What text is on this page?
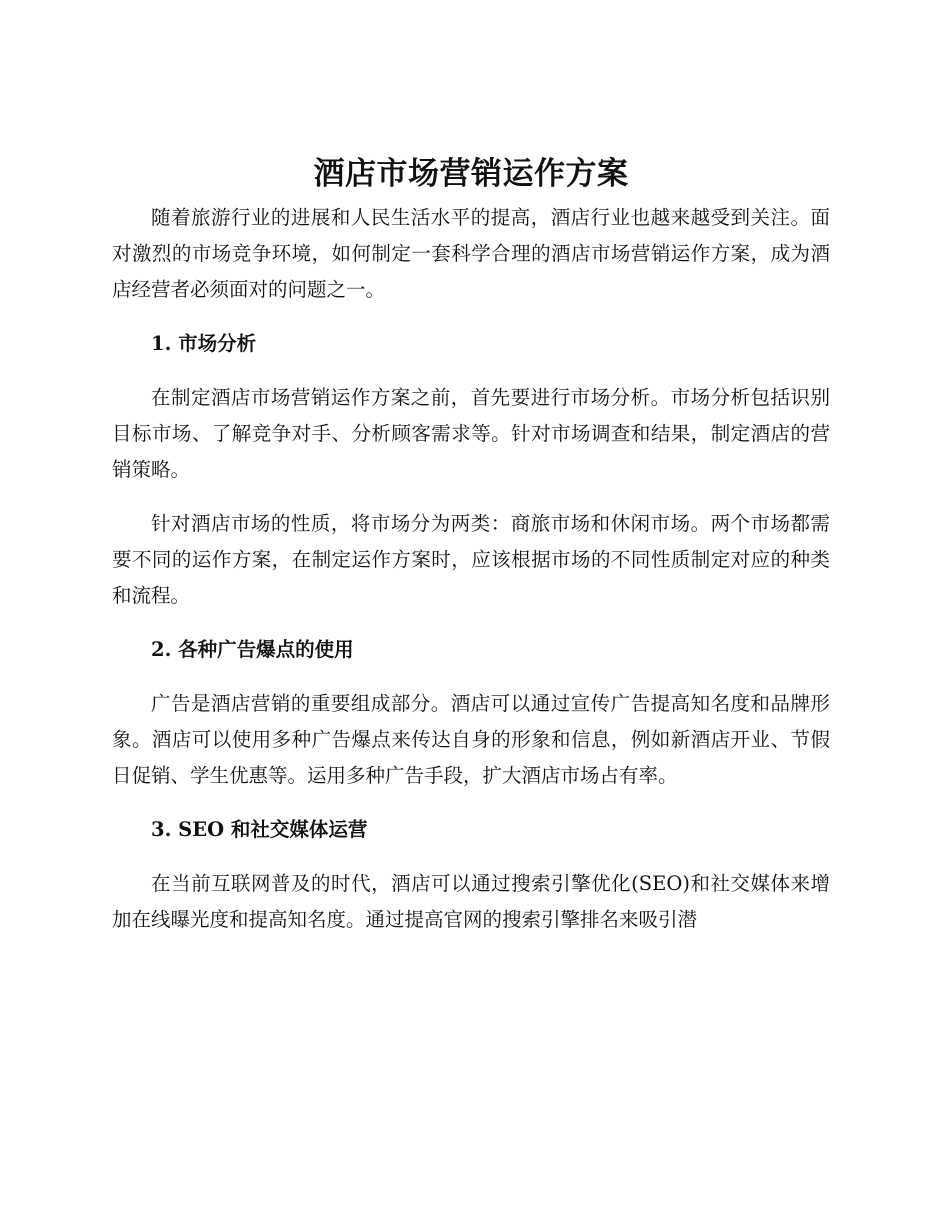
酒店市场营销运作方案

随着旅游行业的进展和人民生活水平的提高，酒店行业也越来越受到关注。面对激烈的市场竞争环境，如何制定一套科学合理的酒店市场营销运作方案，成为酒店经营者必须面对的问题之一。

1. 市场分析

在制定酒店市场营销运作方案之前，首先要进行市场分析。市场分析包括识别目标市场、了解竞争对手、分析顾客需求等。针对市场调查和结果，制定酒店的营销策略。

针对酒店市场的性质，将市场分为两类：商旅市场和休闲市场。两个市场都需要不同的运作方案，在制定运作方案时，应该根据市场的不同性质制定对应的种类和流程。

2. 各种广告爆点的使用

广告是酒店营销的重要组成部分。酒店可以通过宣传广告提高知名度和品牌形象。酒店可以使用多种广告爆点来传达自身的形象和信息，例如新酒店开业、节假日促销、学生优惠等。运用多种广告手段，扩大酒店市场占有率。

3. SEO 和社交媒体运营

在当前互联网普及的时代，酒店可以通过搜索引擎优化(SEO)和社交媒体来增加在线曝光度和提高知名度。通过提高官网的搜索引擎排名来吸引潜
